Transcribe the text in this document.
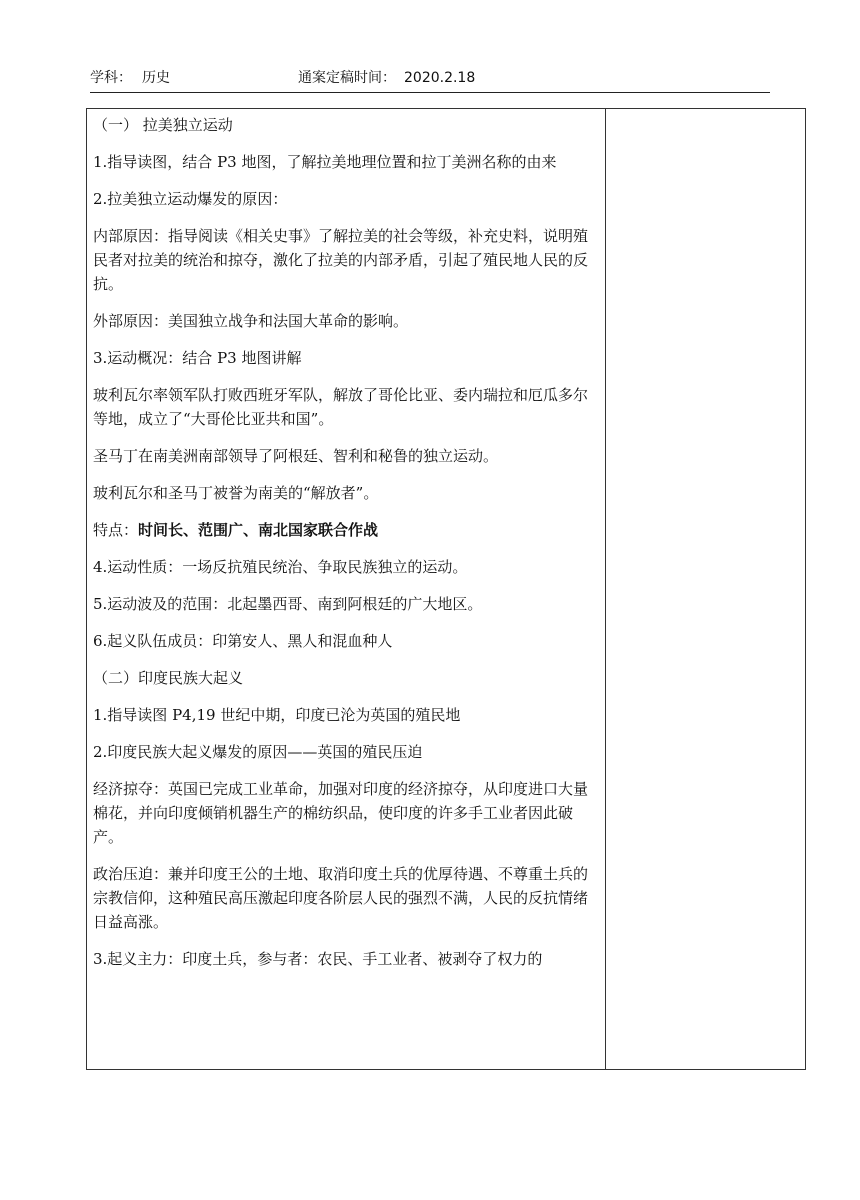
学科： 历史	通案定稿时间： 2020.2.18

（一） 拉美独立运动

1.指导读图，结合 P3 地图，了解拉美地理位置和拉丁美洲名称的由来

2.拉美独立运动爆发的原因：

内部原因：指导阅读《相关史事》了解拉美的社会等级，补充史料，说明殖民者对拉美的统治和掠夺，激化了拉美的内部矛盾，引起了殖民地人民的反抗。

外部原因：美国独立战争和法国大革命的影响。

3.运动概况：结合 P3 地图讲解

玻利瓦尔率领军队打败西班牙军队，解放了哥伦比亚、委内瑞拉和厄瓜多尔等地，成立了“大哥伦比亚共和国”。

圣马丁在南美洲南部领导了阿根廷、智利和秘鲁的独立运动。

玻利瓦尔和圣马丁被誉为南美的“解放者”。

特点：时间长、范围广、南北国家联合作战

4.运动性质：一场反抗殖民统治、争取民族独立的运动。

5.运动波及的范围：北起墨西哥、南到阿根廷的广大地区。

6.起义队伍成员：印第安人、黑人和混血种人

（二）印度民族大起义

1.指导读图 P4,19 世纪中期，印度已沦为英国的殖民地

2.印度民族大起义爆发的原因——英国的殖民压迫

经济掠夺：英国已完成工业革命，加强对印度的经济掠夺，从印度进口大量棉花，并向印度倾销机器生产的棉纺织品，使印度的许多手工业者因此破产。

政治压迫：兼并印度王公的土地、取消印度土兵的优厚待遇、不尊重土兵的宗教信仰，这种殖民高压激起印度各阶层人民的强烈不满，人民的反抗情绪日益高涨。

3.起义主力：印度土兵，参与者：农民、手工业者、被剥夺了权力的
